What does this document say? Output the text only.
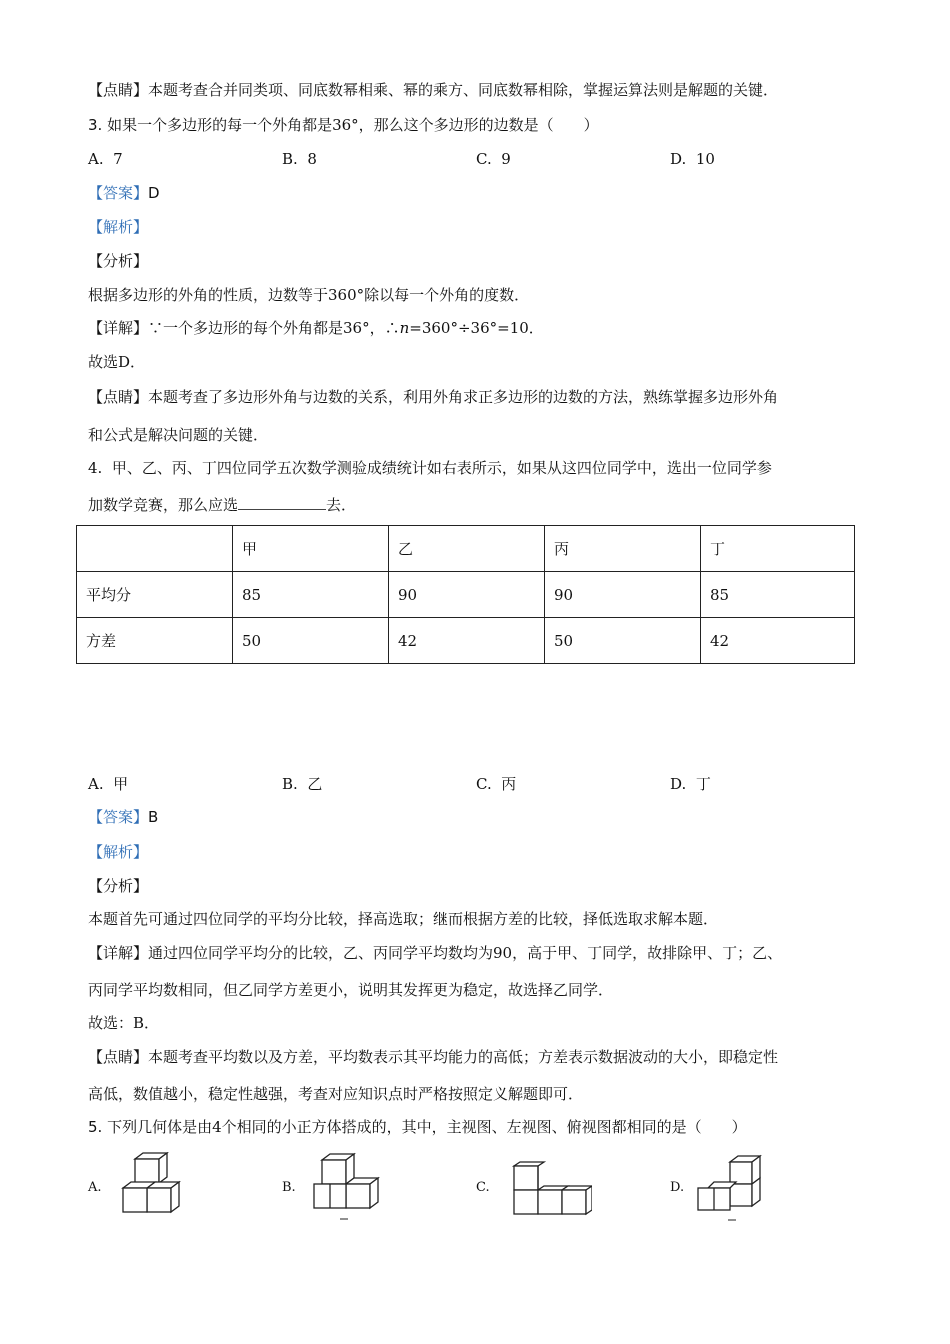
【点睛】本题考查合并同类项、同底数幂相乘、幂的乘方、同底数幂相除，掌握运算法则是解题的关键．
3. 如果一个多边形的每一个外角都是36°，那么这个多边形的边数是（　　）
A. 7	B. 8	C. 9	D. 10
【答案】D
【解析】
【分析】
根据多边形的外角的性质，边数等于360°除以每一个外角的度数．
【详解】∵一个多边形的每个外角都是36°，∴n=360°÷36°=10．
故选D．
【点睛】本题考查了多边形外角与边数的关系，利用外角求正多边形的边数的方法，熟练掌握多边形外角
和公式是解决问题的关键．
4. 甲、乙、丙、丁四位同学五次数学测验成绩统计如右表所示，如果从这四位同学中，选出一位同学参
加数学竞赛，那么应选	去．
	甲	乙	丙	丁
平均分	85	90	90	85
方差	50	42	50	42
A. 甲	B. 乙	C. 丙	D. 丁
【答案】B
【解析】
【分析】
本题首先可通过四位同学的平均分比较，择高选取；继而根据方差的比较，择低选取求解本题．
【详解】通过四位同学平均分的比较，乙、丙同学平均数均为90，高于甲、丁同学，故排除甲、丁；乙、
丙同学平均数相同，但乙同学方差更小，说明其发挥更为稳定，故选择乙同学．
故选：B．
【点睛】本题考查平均数以及方差，平均数表示其平均能力的高低；方差表示数据波动的大小，即稳定性
高低，数值越小，稳定性越强，考查对应知识点时严格按照定义解题即可．
5. 下列几何体是由4个相同的小正方体搭成的，其中，主视图、左视图、俯视图都相同的是（　　）
A.	B.	C.	D.
